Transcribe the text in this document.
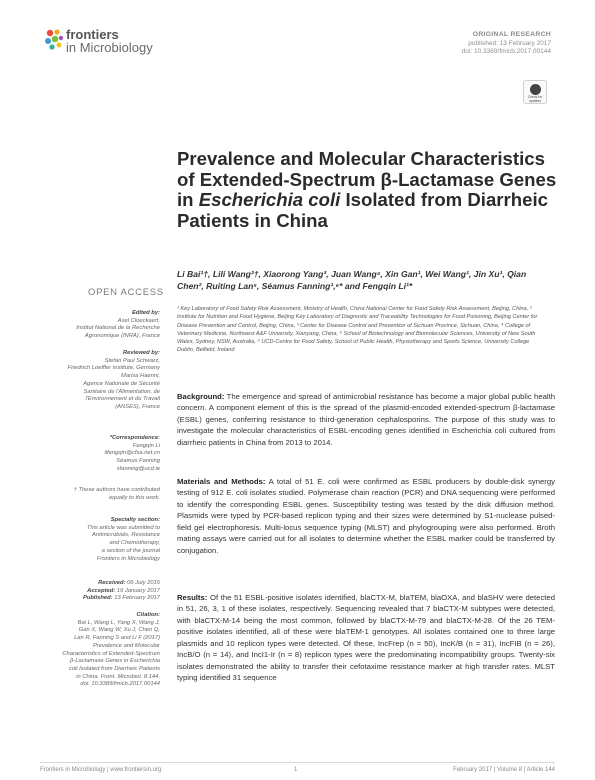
frontiers
in Microbiology
ORIGINAL RESEARCH
published: 13 February 2017
doi: 10.3389/fmicb.2017.00144
Check for
updates
Prevalence and Molecular Characteristics of Extended-Spectrum β-Lactamase Genes in Escherichia coli Isolated from Diarrheic Patients in China
Li Bai¹†, Lili Wang²†, Xiaorong Yang³, Juan Wang⁴, Xin Gan¹, Wei Wang¹, Jin Xu¹, Qian Chen², Ruiting Lan⁵, Séamus Fanning¹,⁶* and Fengqin Li¹*
¹ Key Laboratory of Food Safety Risk Assessment, Ministry of Health, China National Center for Food Safety Risk Assessment, Beijing, China, ² Institute for Nutrition and Food Hygiene, Beijing Key Laboratory of Diagnostic and Traceability Technologies for Food Poisoning, Beijing Center for Disease Prevention and Control, Beijing, China, ³ Center for Disease Control and Prevention of Sichuan Province, Sichuan, China, ⁴ College of Veterinary Medicine, Northwest A&F University, Xianyang, China, ⁵ School of Biotechnology and Biomolecular Sciences, University of New South Wales, Sydney, NSW, Australia, ⁶ UCD-Centre for Food Safety, School of Public Health, Physiotherapy and Sports Science, University College Dublin, Belfield, Ireland
OPEN ACCESS
Edited by:
Axel Cloeckaert,
Institut National de la Recherche
Agronomique (INRA), France
Reviewed by:
Stefan Paul Schwarz,
Friedrich Loeffler Institute, Germany
Marisa Haenni,
Agence Nationale de Sécurité
Sanitaire de l'Alimentation, de
l'Environnement et du Travail
(ANSES), France
*Correspondence:
Fengqin Li
lifengqin@cfsa.net.cn
Séamus Fanning
sfanning@ucd.ie
† These authors have contributed
equally to this work.
Specialty section:
This article was submitted to
Antimicrobials, Resistance
and Chemotherapy,
a section of the journal
Frontiers in Microbiology
Received: 06 July 2016
Accepted: 19 January 2017
Published: 13 February 2017
Citation:
Bai L, Wang L, Yang X, Wang J,
Gan X, Wang W, Xu J, Chen Q,
Lan R, Fanning S and Li F (2017)
Prevalence and Molecular
Characteristics of Extended-Spectrum
β-Lactamase Genes in Escherichia
coli Isolated from Diarrheic Patients
in China. Front. Microbiol. 8:144.
doi: 10.3389/fmicb.2017.00144

Background: The emergence and spread of antimicrobial resistance has become a major global public health concern. A component element of this is the spread of the plasmid-encoded extended-spectrum β-lactamase (ESBL) genes, conferring resistance to third-generation cephalosporins. The purpose of this study was to investigate the molecular characteristics of ESBL-encoding genes identified in Escherichia coli cultured from diarrheic patients in China from 2013 to 2014.

Materials and Methods: A total of 51 E. coli were confirmed as ESBL producers by double-disk synergy testing of 912 E. coli isolates studied. Polymerase chain reaction (PCR) and DNA sequencing were performed to identify the corresponding ESBL genes. Susceptibility testing was tested by the disk diffusion method. Plasmids were typed by PCR-based replicon typing and their sizes were determined by S1-nuclease pulsed-field gel electrophoresis. Multi-locus sequence typing (MLST) and phylogrouping were also performed. Broth mating assays were carried out for all isolates to determine whether the ESBL marker could be transferred by conjugation.

Results: Of the 51 ESBL-positive isolates identified, blaCTX-M, blaTEM, blaOXA, and blaSHV were detected in 51, 26, 3, 1 of these isolates, respectively. Sequencing revealed that 7 blaCTX-M subtypes were detected, with blaCTX-M-14 being the most common, followed by blaCTX-M-79 and blaCTX-M-28. Of the 26 TEM-positive isolates identified, all of these were blaTEM-1 genotypes. All isolates contained one to three large plasmids and 10 replicon types were detected. Of these, IncFrep (n = 50), IncK/B (n = 31), IncFIB (n = 26), IncB/O (n = 14), and IncI1-Ir (n = 8) replicon types were the predominating incompatibility groups. Twenty-six isolates demonstrated the ability to transfer their cefotaxime resistance marker at high transfer rates. MLST typing identified 31 sequence

Frontiers in Microbiology | www.frontiersin.org	1	February 2017 | Volume 8 | Article 144
